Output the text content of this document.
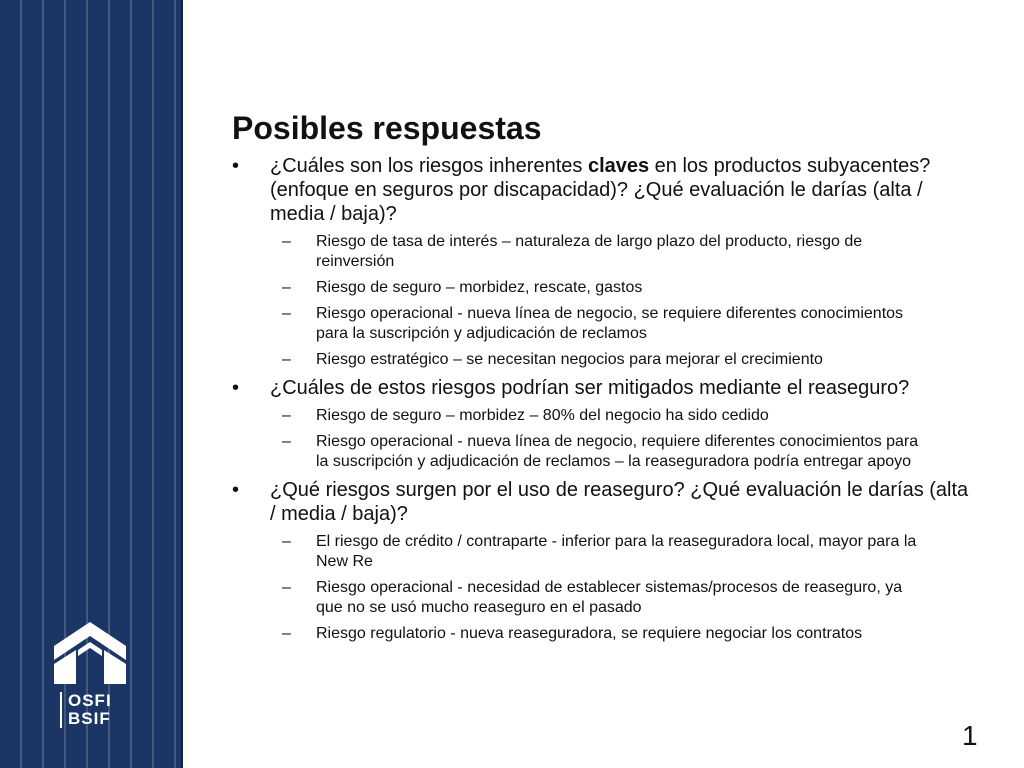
OSFI
BSIF
Posibles respuestas
• ¿Cuáles son los riesgos inherentes claves en los productos subyacentes? (enfoque en seguros por discapacidad)? ¿Qué evaluación le darías (alta / media / baja)?
– Riesgo de tasa de interés – naturaleza de largo plazo del producto, riesgo de reinversión
– Riesgo de seguro – morbidez, rescate, gastos
– Riesgo operacional - nueva línea de negocio, se requiere diferentes conocimientos para la suscripción y adjudicación de reclamos
– Riesgo estratégico – se necesitan negocios para mejorar el crecimiento
• ¿Cuáles de estos riesgos podrían ser mitigados mediante el reaseguro?
– Riesgo de seguro – morbidez – 80% del negocio ha sido cedido
– Riesgo operacional - nueva línea de negocio, requiere diferentes conocimientos para la suscripción y adjudicación de reclamos – la reaseguradora podría entregar apoyo
• ¿Qué riesgos surgen por el uso de reaseguro? ¿Qué evaluación le darías (alta / media / baja)?
– El riesgo de crédito / contraparte - inferior para la reaseguradora local, mayor para la New Re
– Riesgo operacional - necesidad de establecer sistemas/procesos de reaseguro, ya que no se usó mucho reaseguro en el pasado
– Riesgo regulatorio - nueva reaseguradora, se requiere negociar los contratos
1
